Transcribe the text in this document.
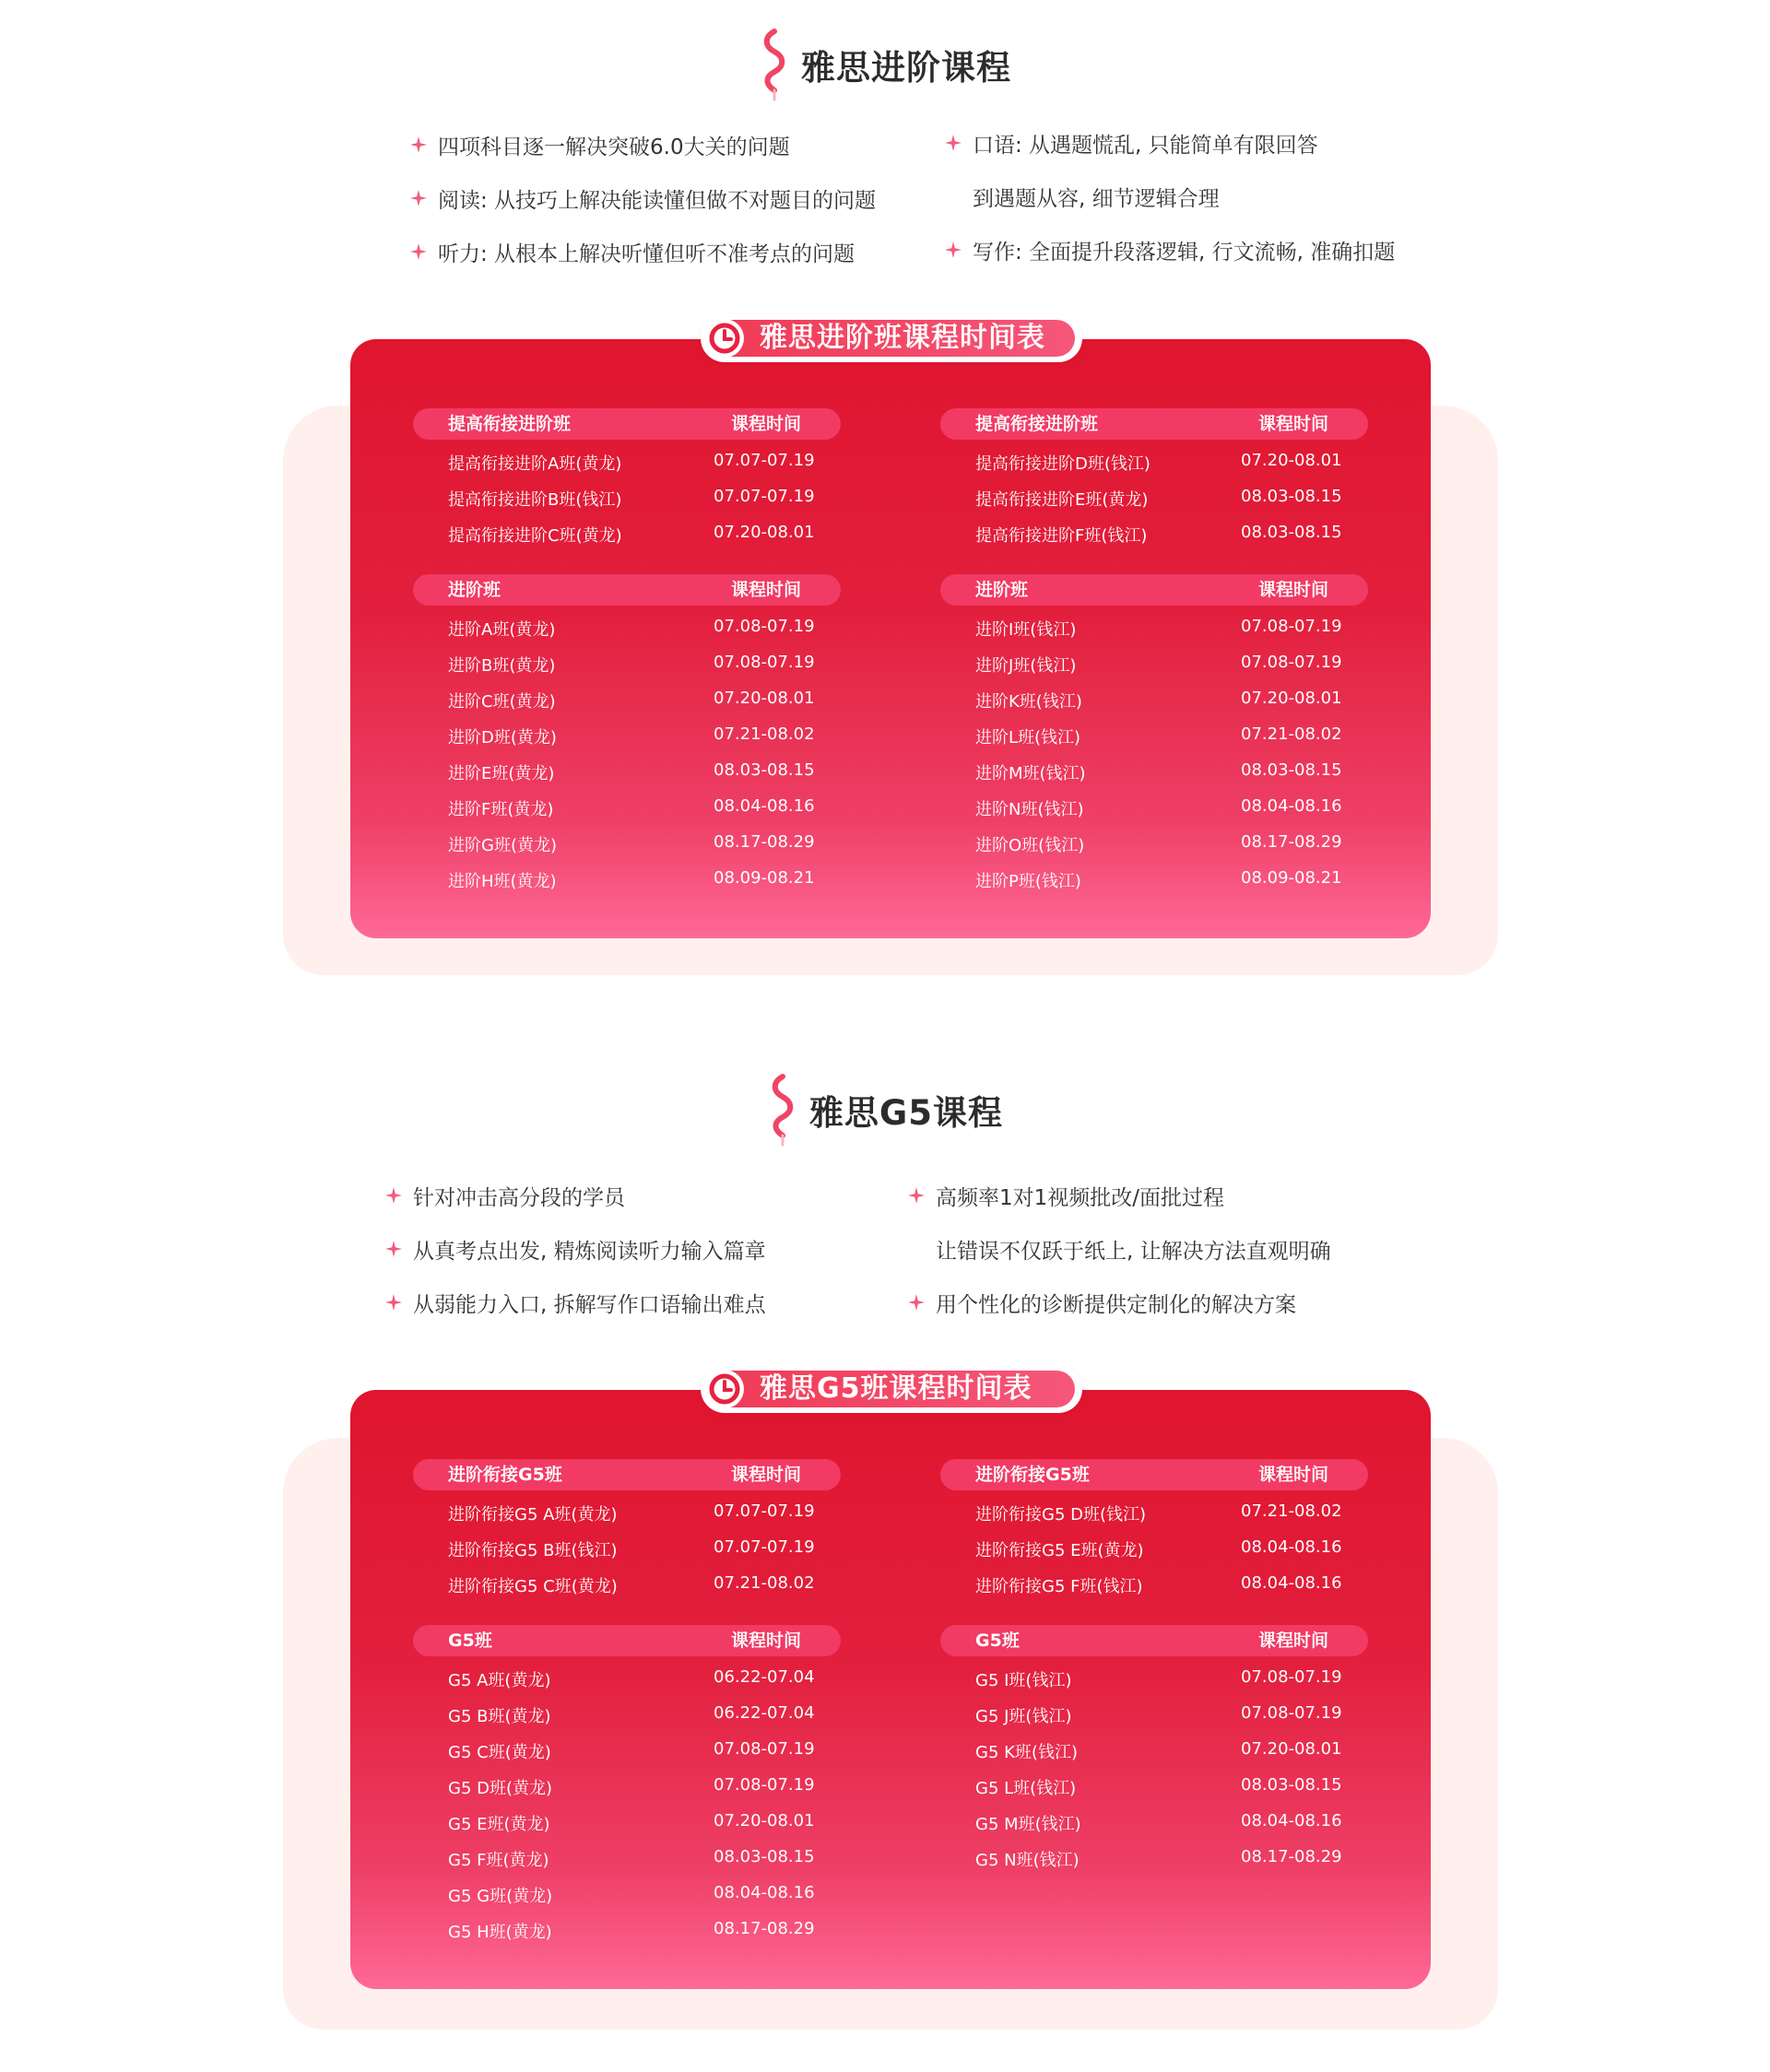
雅思进阶课程
四项科目逐一解决突破6.0大关的问题
阅读: 从技巧上解决能读懂但做不对题目的问题
听力: 从根本上解决听懂但听不准考点的问题
口语: 从遇题慌乱, 只能简单有限回答
到遇题从容, 细节逻辑合理
写作: 全面提升段落逻辑, 行文流畅, 准确扣题
提高衔接进阶班	课程时间
提高衔接进阶A班(黄龙)	07.07-07.19
提高衔接进阶B班(钱江)	07.07-07.19
提高衔接进阶C班(黄龙)	07.20-08.01
提高衔接进阶班	课程时间
提高衔接进阶D班(钱江)	07.20-08.01
提高衔接进阶E班(黄龙)	08.03-08.15
提高衔接进阶F班(钱江)	08.03-08.15
进阶班	课程时间
进阶A班(黄龙)	07.08-07.19
进阶B班(黄龙)	07.08-07.19
进阶C班(黄龙)	07.20-08.01
进阶D班(黄龙)	07.21-08.02
进阶E班(黄龙)	08.03-08.15
进阶F班(黄龙)	08.04-08.16
进阶G班(黄龙)	08.17-08.29
进阶H班(黄龙)	08.09-08.21
进阶班	课程时间
进阶I班(钱江)	07.08-07.19
进阶J班(钱江)	07.08-07.19
进阶K班(钱江)	07.20-08.01
进阶L班(钱江)	07.21-08.02
进阶M班(钱江)	08.03-08.15
进阶N班(钱江)	08.04-08.16
进阶O班(钱江)	08.17-08.29
进阶P班(钱江)	08.09-08.21
雅思进阶班课程时间表
雅思G5课程
针对冲击高分段的学员
从真考点出发, 精炼阅读听力输入篇章
从弱能力入口, 拆解写作口语输出难点
高频率1对1视频批改/面批过程
让错误不仅跃于纸上, 让解决方法直观明确
用个性化的诊断提供定制化的解决方案
进阶衔接G5班	课程时间
进阶衔接G5 A班(黄龙)	07.07-07.19
进阶衔接G5 B班(钱江)	07.07-07.19
进阶衔接G5 C班(黄龙)	07.21-08.02
进阶衔接G5班	课程时间
进阶衔接G5 D班(钱江)	07.21-08.02
进阶衔接G5 E班(黄龙)	08.04-08.16
进阶衔接G5 F班(钱江)	08.04-08.16
G5班	课程时间
G5 A班(黄龙)	06.22-07.04
G5 B班(黄龙)	06.22-07.04
G5 C班(黄龙)	07.08-07.19
G5 D班(黄龙)	07.08-07.19
G5 E班(黄龙)	07.20-08.01
G5 F班(黄龙)	08.03-08.15
G5 G班(黄龙)	08.04-08.16
G5 H班(黄龙)	08.17-08.29
G5班	课程时间
G5 I班(钱江)	07.08-07.19
G5 J班(钱江)	07.08-07.19
G5 K班(钱江)	07.20-08.01
G5 L班(钱江)	08.03-08.15
G5 M班(钱江)	08.04-08.16
G5 N班(钱江)	08.17-08.29
雅思G5班课程时间表
